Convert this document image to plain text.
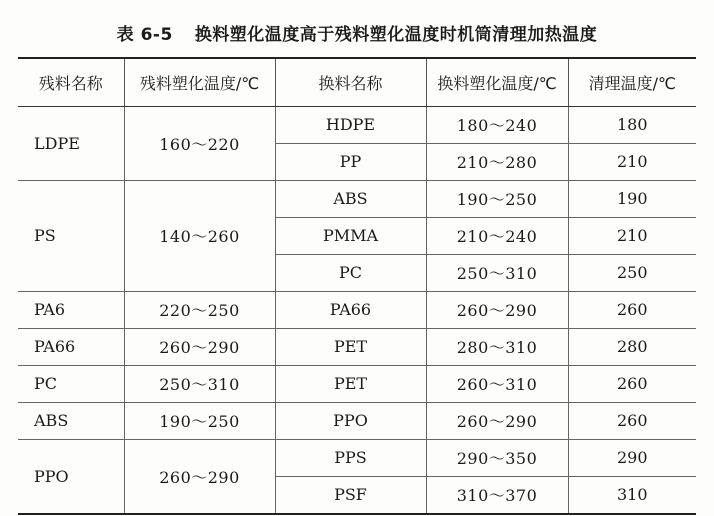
表 6-5 换料塑化温度高于残料塑化温度时机筒清理加热温度
残料名称	残料塑化温度/℃	换料名称	换料塑化温度/℃	清理温度/℃
LDPE	160～220	HDPE	180～240	180
		PP	210～280	210
PS	140～260	ABS	190～250	190
		PMMA	210～240	210
		PC	250～310	250
PA6	220～250	PA66	260～290	260
PA66	260～290	PET	280～310	280
PC	250～310	PET	260～310	260
ABS	190～250	PPO	260～290	260
PPO	260～290	PPS	290～350	290
		PSF	310～370	310
